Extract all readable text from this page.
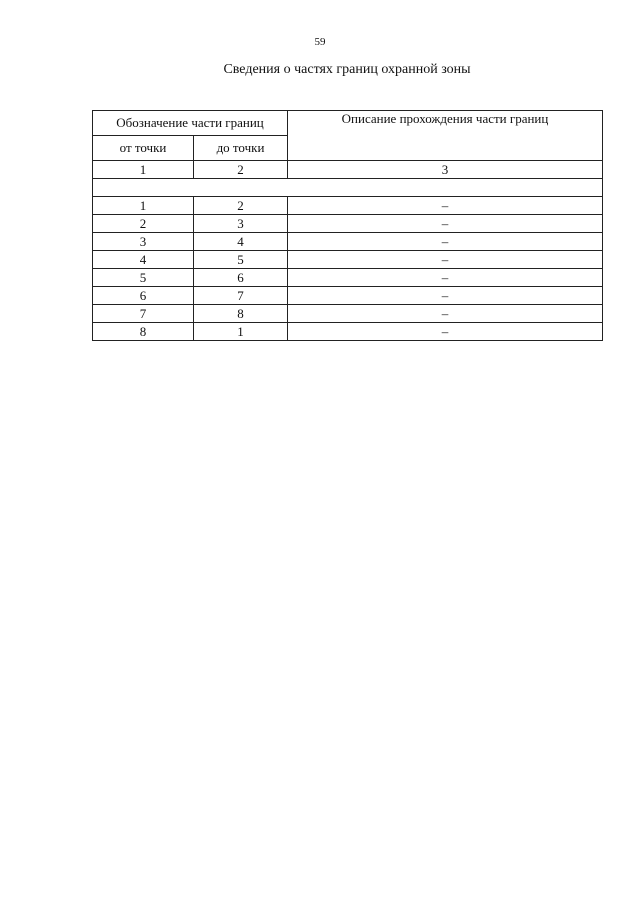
59
Сведения о частях границ охранной зоны
Обозначение части границ		Описание прохождения части границ
от точки	до точки	
1	2	3

1	2	–
2	3	–
3	4	–
4	5	–
5	6	–
6	7	–
7	8	–
8	1	–
